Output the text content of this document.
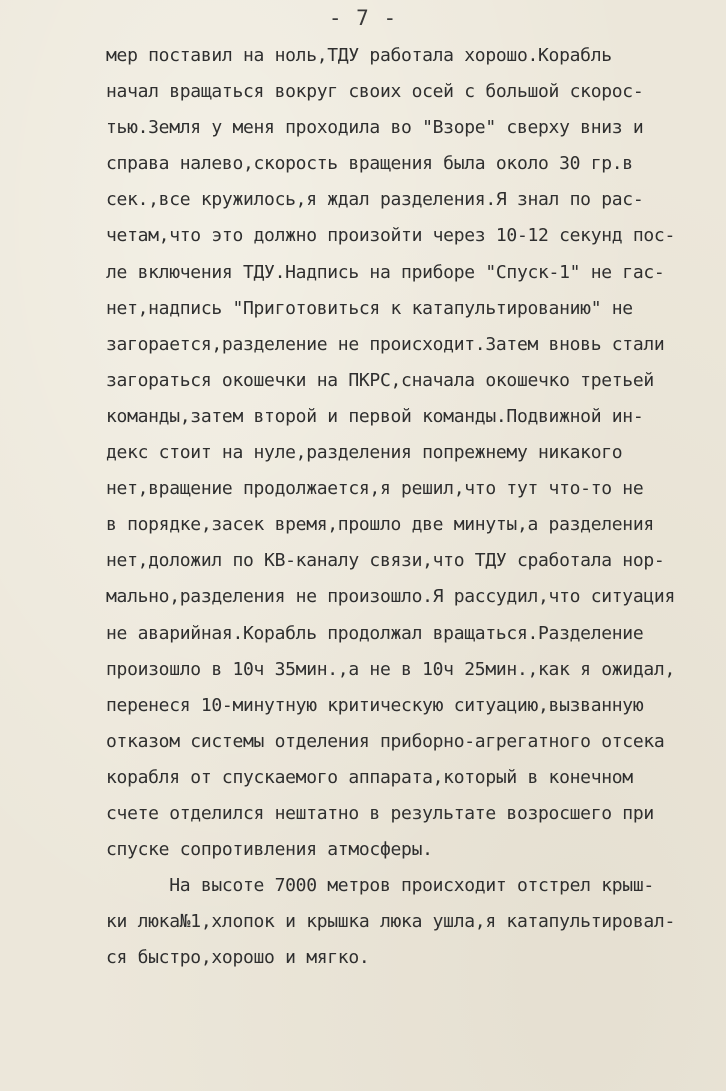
- 7 -
мер поставил на ноль,ТДУ работала хорошо.Корабль
начал вращаться вокруг своих осей с большой скорос-
тью.Земля у меня проходила во "Взоре" сверху вниз и
справа налево,скорость вращения была около 30 гр.в
сек.,все кружилось,я ждал разделения.Я знал по рас-
четам,что это должно произойти через 10-12 секунд пос-
ле включения ТДУ.Надпись на приборе "Спуск-1" не гас-
нет,надпись "Приготовиться к катапультированию" не
загорается,разделение не происходит.Затем вновь стали
загораться окошечки на ПКРС,сначала окошечко третьей
команды,затем второй и первой команды.Подвижной ин-
декс стоит на нуле,разделения попрежнему никакого
нет,вращение продолжается,я решил,что тут что-то не
в порядке,засек время,прошло две минуты,а разделения
нет,доложил по КВ-каналу связи,что ТДУ сработала нор-
мально,разделения не произошло.Я рассудил,что ситуация
не аварийная.Корабль продолжал вращаться.Разделение
произошло в 10ч 35мин.,а не в 10ч 25мин.,как я ожидал,
перенеся 10-минутную критическую ситуацию,вызванную
отказом системы отделения приборно-агрегатного отсека
корабля от спускаемого аппарата,который в конечном
счете отделился нештатно в результате возросшего при
спуске сопротивления атмосферы.
На высоте 7000 метров происходит отстрел крыш-
ки люка№1,хлопок и крышка люка ушла,я катапультировал-
ся быстро,хорошо и мягко.
